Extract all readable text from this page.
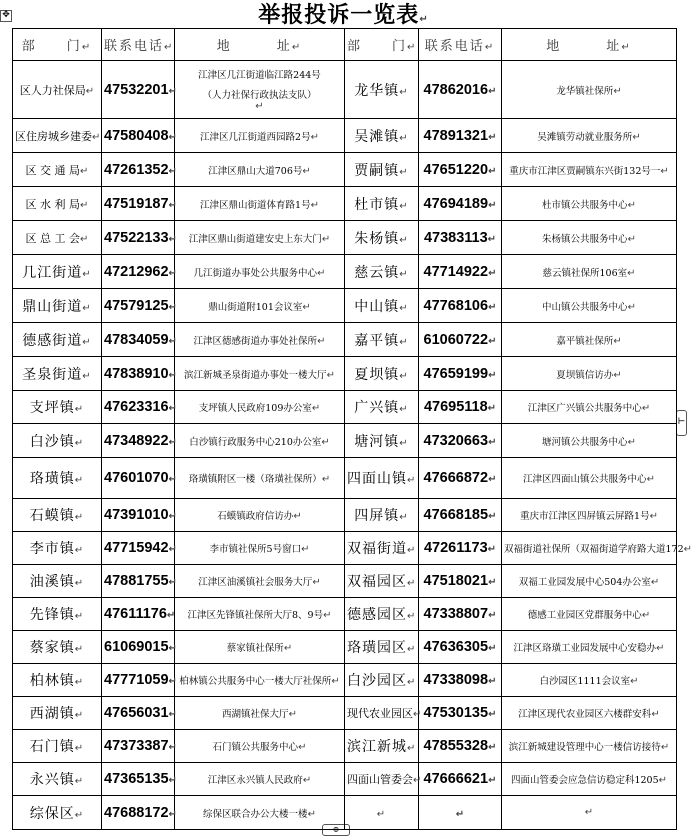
举报投诉一览表↵
✥
⊢
⊕
部　　门↵	联系电话↵	地　　　址↵	部　　门↵	联系电话↵	地　　　址↵
区人力社保局↵	47532201↵	江津区几江街道临江路244号
（人力社保行政执法支队）
↵	龙华镇↵	47862016↵	龙华镇社保所↵
区住房城乡建委↵	47580408↵	江津区几江街道西园路2号↵	吴滩镇↵	47891321↵	吴滩镇劳动就业服务所↵
区 交 通 局↵	47261352↵	江津区鼎山大道706号↵	贾嗣镇↵	47651220↵	重庆市江津区贾嗣镇东兴街132号一↵
区 水 利 局↵	47519187↵	江津区鼎山街道体育路1号↵	杜市镇↵	47694189↵	杜市镇公共服务中心↵
区 总 工 会↵	47522133↵	江津区鼎山街道建安史上东大门↵	朱杨镇↵	47383113↵	朱杨镇公共服务中心↵
几江街道↵	47212962↵	几江街道办事处公共服务中心↵	慈云镇↵	47714922↵	慈云镇社保所106室↵
鼎山街道↵	47579125↵	鼎山街道附101会议室↵	中山镇↵	47768106↵	中山镇公共服务中心↵
德感街道↵	47834059↵	江津区德感街道办事处社保所↵	嘉平镇↵	61060722↵	嘉平镇社保所↵
圣泉街道↵	47838910↵	滨江新城圣泉街道办事处一楼大厅↵	夏坝镇↵	47659199↵	夏坝镇信访办↵
支坪镇↵	47623316↵	支坪镇人民政府109办公室↵	广兴镇↵	47695118↵	江津区广兴镇公共服务中心↵
白沙镇↵	47348922↵	白沙镇行政服务中心210办公室↵	塘河镇↵	47320663↵	塘河镇公共服务中心↵
珞璜镇↵	47601070↵	珞璜镇附区一楼（珞璜社保所）↵	四面山镇↵	47666872↵	江津区四面山镇公共服务中心↵
石蟆镇↵	47391010↵	石蟆镇政府信访办↵	四屏镇↵	47668185↵	重庆市江津区四屏镇云屏路1号↵
李市镇↵	47715942↵	李市镇社保所5号窗口↵	双福街道↵	47261173↵	双福街道社保所（双福街道学府路大道172↵
油溪镇↵	47881755↵	江津区油溪镇社会服务大厅↵	双福园区↵	47518021↵	双福工业园发展中心504办公室↵
先锋镇↵	47611176↵	江津区先锋镇社保所大厅8、9号↵	德感园区↵	47338807↵	德感工业园区党群服务中心↵
蔡家镇↵	61069015↵	蔡家镇社保所↵	珞璜园区↵	47636305↵	江津区珞璜工业园发展中心安稳办↵
柏林镇↵	47771059↵	柏林镇公共服务中心一楼大厅社保所↵	白沙园区↵	47338098↵	白沙园区1111会议室↵
西湖镇↵	47656031↵	西湖镇社保大厅↵	现代农业园区↵	47530135↵	江津区现代农业园区六楼群安科↵
石门镇↵	47373387↵	石门镇公共服务中心↵	滨江新城↵	47855328↵	滨江新城建设管理中心一楼信访接待↵
永兴镇↵	47365135↵	江津区永兴镇人民政府↵	四面山管委会↵	47666621↵	四面山管委会应急信访稳定科1205↵
综保区↵	47688172↵	综保区联合办公大楼一楼↵	↵	↵	↵
